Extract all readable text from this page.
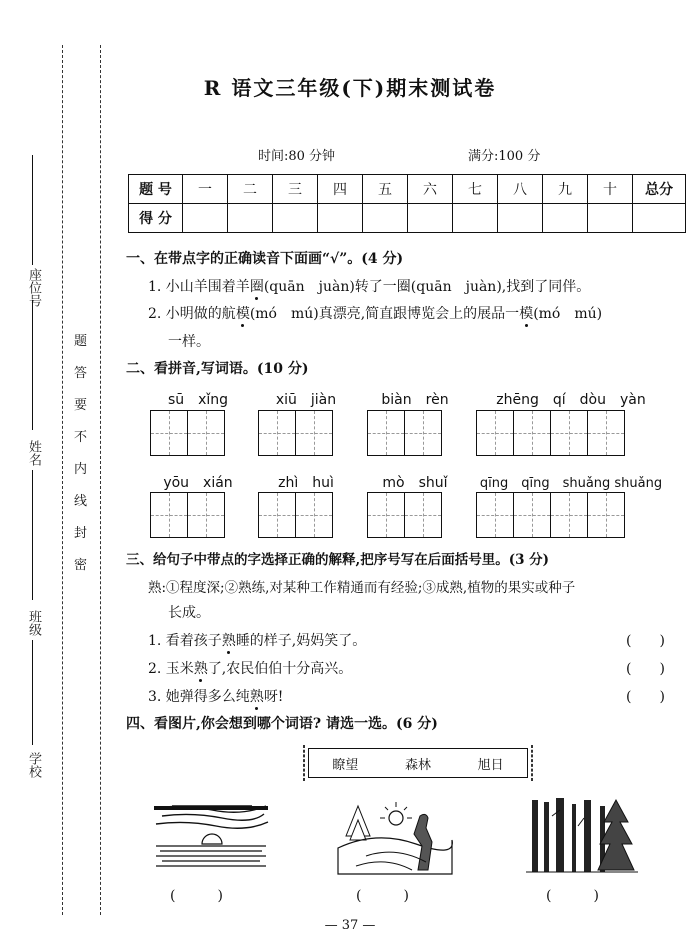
座位号
姓名
班级
学校
密
封
线
内
不
要
答
题
R 语文三年级(下)期末测试卷
时间:80 分钟	满分:100 分
题 号	一	二	三	四	五	六	七	八	九	十	总分
得 分											
一、在带点字的正确读音下面画“√”。(4 分)
1. 小山羊围着羊圈(quān　juàn)转了一圈(quān　juàn),找到了同伴。
2. 小明做的航模(mó　mú)真漂亮,简直跟博览会上的展品一模(mó　mú)
一样。
二、看拼音,写词语。(10 分)
sū　xǐng	xiū　jiàn	biàn　rèn	zhēng　qí　dòu　yàn
yōu　xián	zhì　huì	mò　shuǐ	qīng　qīng　shuǎng shuǎng
三、给句子中带点的字选择正确的解释,把序号写在后面括号里。(3 分)
熟:①程度深;②熟练,对某种工作精通而有经验;③成熟,植物的果实或种子
长成。
1. 看着孩子熟睡的样子,妈妈笑了。	(　　)
2. 玉米熟了,农民伯伯十分高兴。	(　　)
3. 她弹得多么纯熟呀!	(　　)
四、看图片,你会想到哪个词语? 请选一选。(6 分)
瞭望	森林	旭日
(　　　)	(　　　)	(　　　)
— 37 —
